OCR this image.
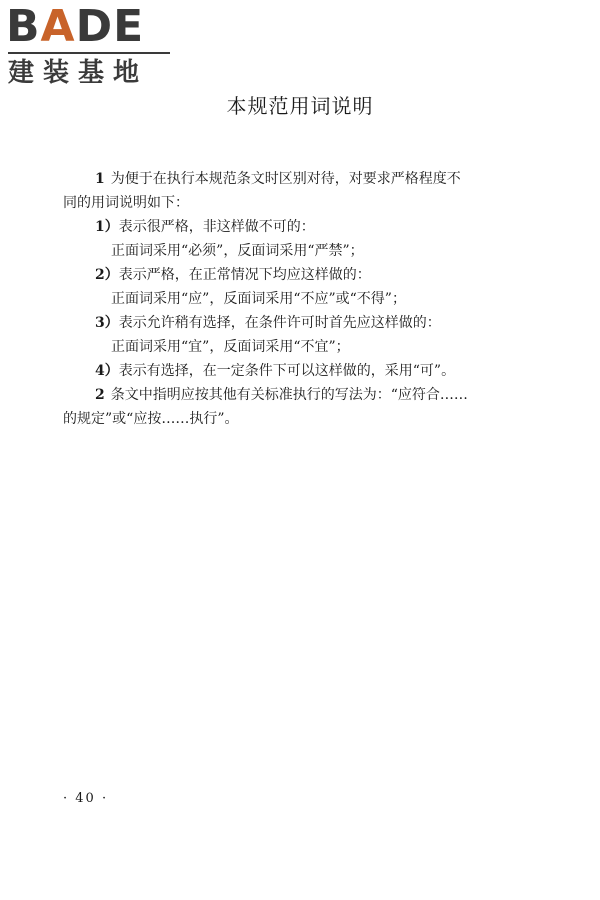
BADE
建装基地
本规范用词说明
1 为便于在执行本规范条文时区别对待，对要求严格程度不
同的用词说明如下：
1）表示很严格，非这样做不可的：
正面词采用“必须”，反面词采用“严禁”；
2）表示严格，在正常情况下均应这样做的：
正面词采用“应”，反面词采用“不应”或“不得”；
3）表示允许稍有选择，在条件许可时首先应这样做的：
正面词采用“宜”，反面词采用“不宜”；
4）表示有选择，在一定条件下可以这样做的，采用“可”。
2 条文中指明应按其他有关标准执行的写法为：“应符合……
的规定”或“应按……执行”。
· 40 ·
